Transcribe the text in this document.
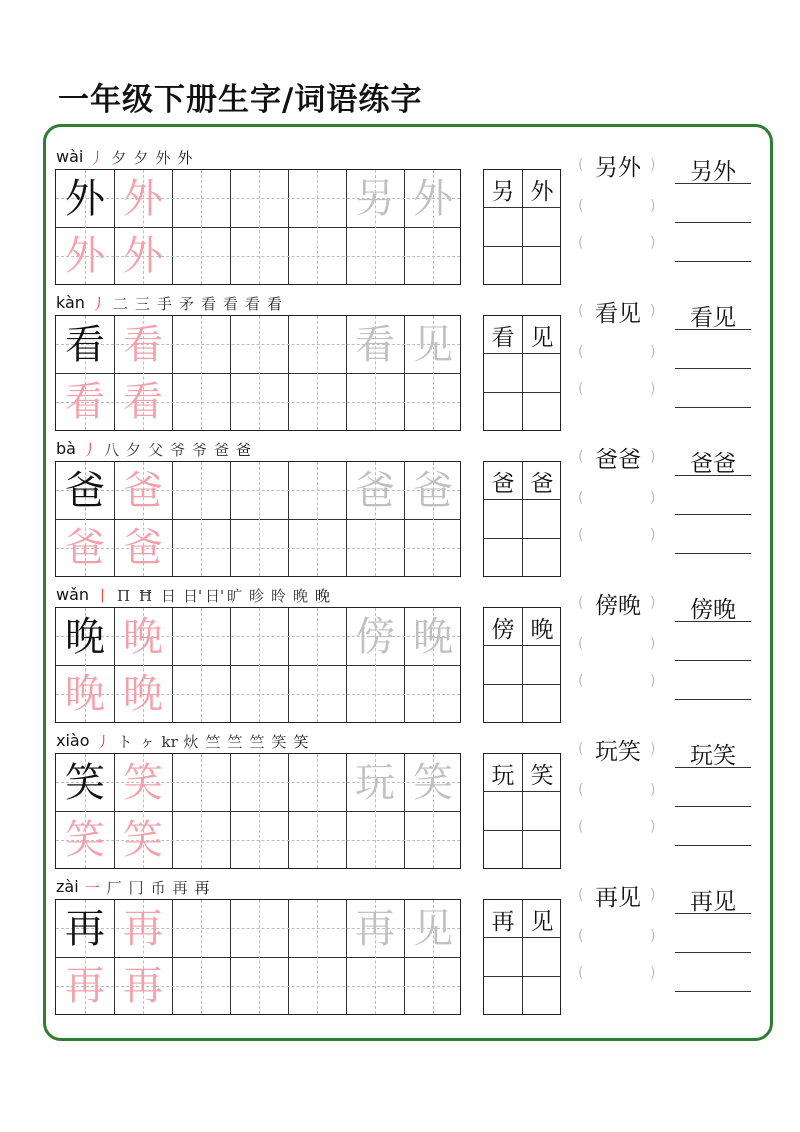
一年级下册生字/词语练字
wài 丿 夕 夕 外 外
外 外
外 外
另 外	另 外
(	)
(	)
(	)
另外	另外
kàn 丿 二 三 手 矛 看 看 看 看
看 看
看 看
看 见	看 见
(	)
(	)
(	)
看见	看见
bà 丿 八 夕 父 爷 爷 爸 爸
爸 爸
爸 爸
爸 爸	爸 爸
(	)
(	)
(	)
爸爸	爸爸
wǎn 丨 Π Ħ 日 日' 日' 旷 昣 昤 晚 晚
晚 晚
晚 晚
傍 晚	傍 晚
(	)
(	)
(	)
傍晚	傍晚
xiào 丿 ト ヶ kr 炏 竺 竺 竺 笑 笑
笑 笑
笑 笑
玩 笑	玩 笑
(	)
(	)
(	)
玩笑	玩笑
zài 一 厂 冂 币 再 再
再 再
再 再
再 见	再 见
(	)
(	)
(	)
再见	再见
